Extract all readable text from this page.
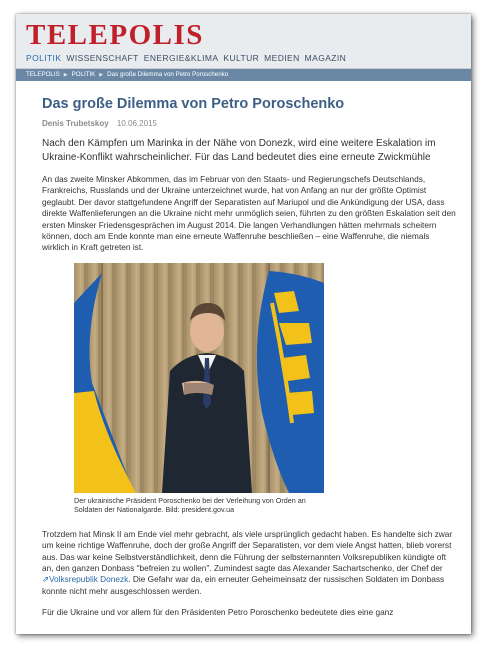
TELEPOLIS
POLITIK WISSENSCHAFT ENERGIE&KLIMA KULTUR MEDIEN MAGAZIN
TELEPOLIS ▶ POLITIK ▶ Das große Dilemma von Petro Poroschenko
Das große Dilemma von Petro Poroschenko
Denis Trubetskoy 10.06.2015
Nach den Kämpfen um Marinka in der Nähe von Donezk, wird eine weitere Eskalation im Ukraine-Konflikt wahrscheinlicher. Für das Land bedeutet dies eine erneute Zwickmühle

An das zweite Minsker Abkommen, das im Februar von den Staats- und Regierungschefs Deutschlands, Frankreichs, Russlands und der Ukraine unterzeichnet wurde, hat von Anfang an nur der größte Optimist geglaubt. Der davor stattgefundene Angriff der Separatisten auf Mariupol und die Ankündigung der USA, dass direkte Waffenlieferungen an die Ukraine nicht mehr unmöglich seien, führten zu den größten Eskalation seit den ersten Minsker Friedensgesprächen im August 2014. Die langen Verhandlungen hätten mehrmals scheitern können, doch am Ende konnte man eine erneute Waffenruhe beschließen – eine Waffenruhe, die niemals wirklich in Kraft getreten ist.

Der ukrainische Präsident Poroschenko bei der Verleihung von Orden an Soldaten der Nationalgarde. Bild: president.gov.ua

Trotzdem hat Minsk II am Ende viel mehr gebracht, als viele ursprünglich gedacht haben. Es handelte sich zwar um keine richtige Waffenruhe, doch der große Angriff der Separatisten, vor dem viele Angst hatten, blieb vorerst aus. Das war keine Selbstverständlichkeit, denn die Führung der selbsternannten Volksrepubliken kündigte oft an, den ganzen Donbass "befreien zu wollen". Zumindest sagte das Alexander Sachartschenko, der Chef der ⇗Volksrepublik Donezk. Die Gefahr war da, ein erneuter Geheimeinsatz der russischen Soldaten im Donbass konnte nicht mehr ausgeschlossen werden.

Für die Ukraine und vor allem für den Präsidenten Petro Poroschenko bedeutete dies eine ganz
